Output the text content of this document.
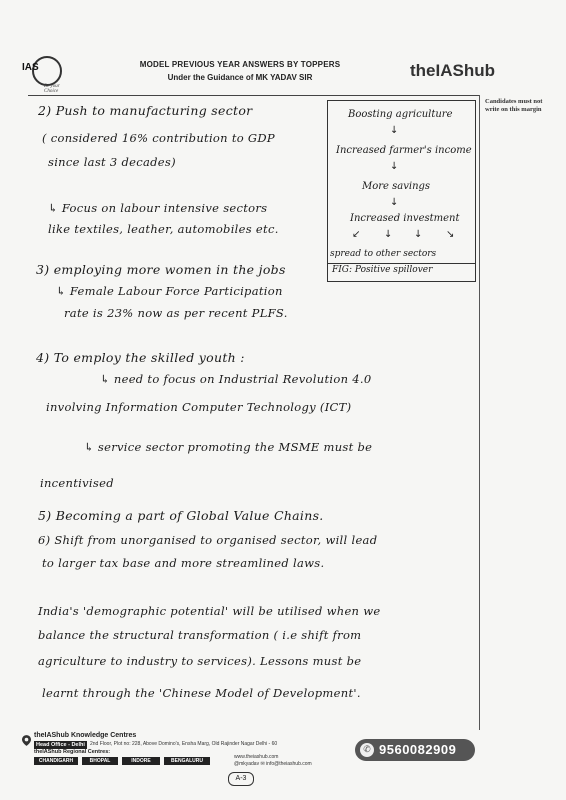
IAS
Be your Choice
MODEL PREVIOUS YEAR ANSWERS BY TOPPERS
Under the Guidance of MK YADAV SIR	theIAShub
Candidates must not write on this margin
2) Push to manufacturing sector
( considered 16% contribution to GDP
since last 3 decades)
↳ Focus on labour intensive sectors
like textiles, leather, automobiles etc.
Boosting agriculture
↓
Increased farmer's income
↓
More savings
↓
Increased investment
↙ ↓ ↓ ↘
spread to other sectors
FIG: Positive spillover
3) employing more women in the jobs
↳ Female Labour Force Participation
rate is 23% now as per recent PLFS.
4) To employ the skilled youth :
↳ need to focus on Industrial Revolution 4.0
involving Information Computer Technology (ICT)
↳ service sector promoting the MSME must be
incentivised
5) Becoming a part of Global Value Chains.
6) Shift from unorganised to organised sector, will lead
to larger tax base and more streamlined laws.
India's 'demographic potential' will be utilised when we
balance the structural transformation ( i.e shift from
agriculture to industry to services). Lessons must be
learnt through the 'Chinese Model of Development'.
theIAShub Knowledge Centres
Head Office - Delhi	2nd Floor, Plot no: 228, Above Domino's, Ensha Marg, Old Rajinder Nagar Delhi - 60
theIAShub Regional Centres:
CHANDIGARH	BHOPAL	INDORE	BENGALURU
www.theiashub.com
@mkyadav ✉ info@theiashub.com
✆ 9560082909
A-3
